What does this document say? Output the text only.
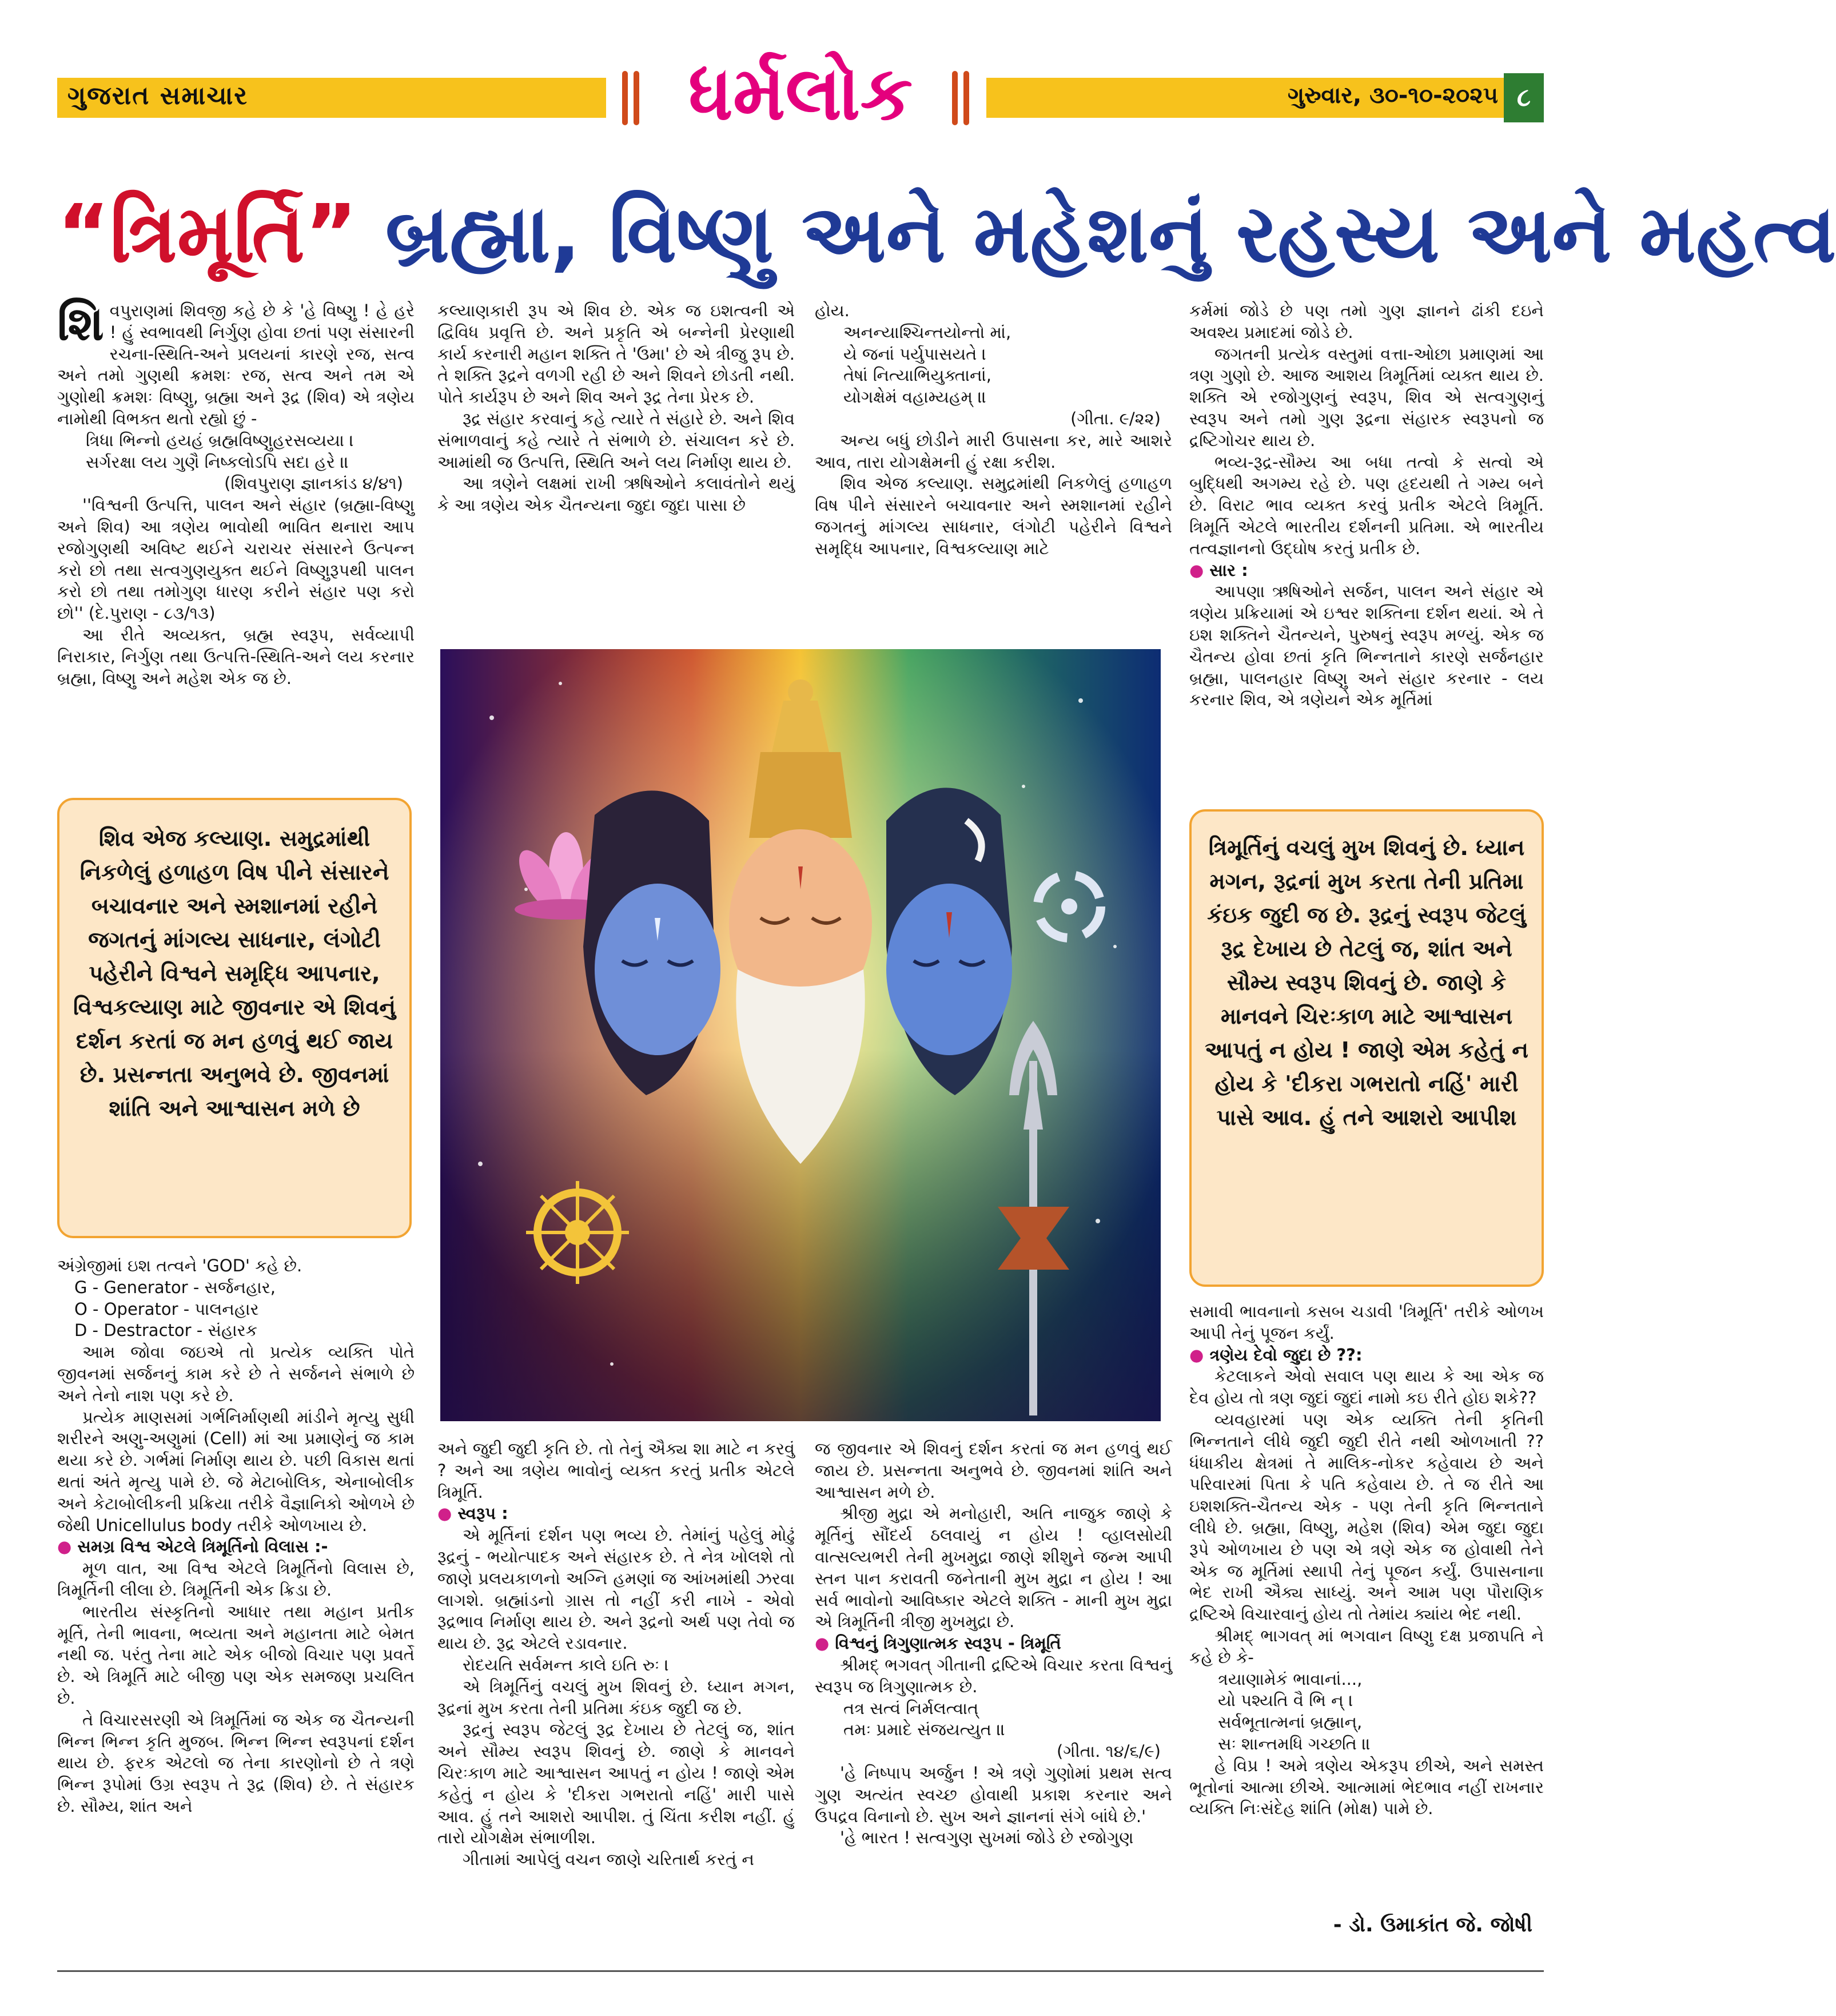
ગુજરાત સમાચાર	ધર્મલોક	ગુરુવાર, ૩૦-૧૦-૨૦૨૫ ૮
“ત્રિમૂર્તિ” બ્રહ્મા, વિષ્ણુ અને મહેશનું રહસ્ય અને મહત્વ

શિવપુરાણમાં શિવજી કહે છે કે 'હે વિષ્ણુ ! હે હરે ! હું સ્વભાવથી નિર્ગુણ હોવા છતાં પણ સંસારની રચના-સ્થિતિ-અને પ્રલયનાં કારણે રજ, સત્વ અને તમો ગુણથી ક્રમશઃ રજ, સત્વ અને તમ એ ગુણોથી ક્રમશઃ વિષ્ણુ, બ્રહ્મા અને રૂદ્ર (શિવ) એ ત્રણેય નામોથી વિભક્ત થતો રહ્યો છું -

ત્રિધા ભિન્નો હયહં બ્રહ્મવિષ્ણુહરસવ્યયા ।

સર્ગરક્ષા લય ગુણૈ નિષ્કલોઽપિ સદા હરે ॥

(શિવપુરાણ જ્ઞાનકાંડ ૪/૪૧)

''વિશ્વની ઉત્પત્તિ, પાલન અને સંહાર (બ્રહ્મા-વિષ્ણુ અને શિવ) આ ત્રણેય ભાવોથી ભાવિત થનારા આપ રજોગુણથી અવિષ્ટ થઈને ચરાચર સંસારને ઉત્પન્ન કરો છો તથા સત્વગુણયુક્ત થઈને વિષ્ણુરૂપથી પાલન કરો છો તથા તમોગુણ ધારણ કરીને સંહાર પણ કરો છો'' (દે.પુરાણ - ૮૩/૧૩)

આ રીતે અવ્યક્ત, બ્રહ્મ સ્વરૂપ, સર્વવ્યાપી નિરાકાર, નિર્ગુણ તથા ઉત્પત્તિ-સ્થિતિ-અને લય કરનાર બ્રહ્મા, વિષ્ણુ અને મહેશ એક જ છે.

શિવ એજ કલ્યાણ. સમુદ્રમાંથી નિકળેલું હળાહળ વિષ પીને સંસારને બચાવનાર અને સ્મશાનમાં રહીને જગતનું માંગલ્ય સાધનાર, લંગોટી પહેરીને વિશ્વને સમૃદ્ધિ આપનાર, વિશ્વકલ્યાણ માટે જીવનાર એ શિવનું દર્શન કરતાં જ મન હળવું થઈ જાય છે. પ્રસન્નતા અનુભવે છે. જીવનમાં શાંતિ અને આશ્વાસન મળે છે

અંગ્રેજીમાં ઇશ તત્વને 'GOD' કહે છે.

G - Generator - સર્જનહાર,

O - Operator - પાલનહાર

D - Destractor - સંહારક

આમ જોવા જઇએ તો પ્રત્યેક વ્યક્તિ પોતે જીવનમાં સર્જનનું કામ કરે છે તે સર્જનને સંભાળે છે અને તેનો નાશ પણ કરે છે.

પ્રત્યેક માણસમાં ગર્ભનિર્માણથી માંડીને મૃત્યુ સુધી શરીરને અણુ-અણુમાં (Cell) માં આ પ્રમાણેનું જ કામ થયા કરે છે. ગર્ભમાં નિર્માણ થાય છે. પછી વિકાસ થતાં થતાં અંતે મૃત્યુ પામે છે. જે મેટાબોલિક, એનાબોલીક અને કેટાબોલીકની પ્રક્રિયા તરીકે વૈજ્ઞાનિકો ઓળખે છે જેથી Unicellulus body તરીકે ઓળખાય છે.

● સમગ્ર વિશ્વ એટલે ત્રિમૂર્તિનો વિલાસ :-

મૂળ વાત, આ વિશ્વ એટલે ત્રિમૂર્તિનો વિલાસ છે, ત્રિમૂર્તિની લીલા છે. ત્રિમૂર્તિની એક ક્રિડા છે.

ભારતીય સંસ્કૃતિનો આધાર તથા મહાન પ્રતીક મૂર્તિ, તેની ભાવના, ભવ્યતા અને મહાનતા માટે બેમત નથી જ. પરંતુ તેના માટે એક બીજો વિચાર પણ પ્રવર્તે છે. એ ત્રિમૂર્તિ માટે બીજી પણ એક સમજણ પ્રચલિત છે.

તે વિચારસરણી એ ત્રિમૂર્તિમાં જ એક જ ચૈતન્યની ભિન્ન ભિન્ન કૃતિ મુજબ. ભિન્ન ભિન્ન સ્વરૂપનાં દર્શન થાય છે. ફરક એટલો જ તેના કારણોનો છે તે ત્રણે ભિન્ન રૂપોમાં ઉગ્ર સ્વરૂપ તે રૂદ્ર (શિવ) છે. તે સંહારક છે. સૌમ્ય, શાંત અને

કલ્યાણકારી રૂપ એ શિવ છે. એક જ ઇશત્વની એ દ્વિવિધ પ્રવૃત્તિ છે. અને પ્રકૃતિ એ બન્નેની પ્રેરણાથી કાર્ય કરનારી મહાન શક્તિ તે 'ઉમા' છે એ ત્રીજુ રૂપ છે. તે શક્તિ રૂદ્રને વળગી રહી છે અને શિવને છોડતી નથી. પોતે કાર્યરૂપ છે અને શિવ અને રૂદ્ર તેના પ્રેરક છે.

રૂદ્ર સંહાર કરવાનું કહે ત્યારે તે સંહારે છે. અને શિવ સંભાળવાનું કહે ત્યારે તે સંભાળે છે. સંચાલન કરે છે. આમાંથી જ ઉત્પત્તિ, સ્થિતિ અને લય નિર્માણ થાય છે.

આ ત્રણેને લક્ષમાં રાખી ઋષિઓને કલાવંતોને થયું કે આ ત્રણેય એક ચૈતન્યના જુદા જુદા પાસા છે

હોય.

અનન્યાશ્ચિન્તયોન્તો માં,

યે જનાં પર્યુપાસયતે ।

તેષાં નિત્યાભિયુક્તાનાં,

યોગક્ષેમં વહામ્યહમ્ ॥

(ગીતા. ૯/૨૨)

અન્ય બધું છોડીને મારી ઉપાસના કર, મારે આશરે આવ, તારા યોગક્ષેમની હું રક્ષા કરીશ.

શિવ એજ કલ્યાણ. સમુદ્રમાંથી નિકળેલું હળાહળ વિષ પીને સંસારને બચાવનાર અને સ્મશાનમાં રહીને જગતનું માંગલ્ય સાધનાર, લંગોટી પહેરીને વિશ્વને સમૃદ્ધિ આપનાર, વિશ્વકલ્યાણ માટે

કર્મમાં જોડે છે પણ તમો ગુણ જ્ઞાનને ઢાંકી દઇને અવશ્ય પ્રમાદમાં જોડે છે.

જગતની પ્રત્યેક વસ્તુમાં વત્તા-ઓછા પ્રમાણમાં આ ત્રણ ગુણો છે. આજ આશય ત્રિમૂર્તિમાં વ્યક્ત થાય છે. શક્તિ એ રજોગુણનું સ્વરૂપ, શિવ એ સત્વગુણનું સ્વરૂપ અને તમો ગુણ રૂદ્રના સંહારક સ્વરૂપનો જ દ્રષ્ટિગોચર થાય છે.

ભવ્ય-રૂદ્ર-સૌમ્ય આ બધા તત્વો કે સત્વો એ બુદ્ધિથી અગમ્ય રહે છે. પણ હૃદયથી તે ગમ્ય બને છે. વિરાટ ભાવ વ્યક્ત કરવું પ્રતીક એટલે ત્રિમૂર્તિ. ત્રિમૂર્તિ એટલે ભારતીય દર્શનની પ્રતિમા. એ ભારતીય તત્વજ્ઞાનનો ઉદ્ઘોષ કરતું પ્રતીક છે.

● સાર :

આપણા ઋષિઓને સર્જન, પાલન અને સંહાર એ ત્રણેય પ્રક્રિયામાં એ ઇશ્વર શક્તિના દર્શન થયાં. એ તે ઇશ શક્તિને ચૈતન્યને, પુરુષનું સ્વરૂપ મળ્યું. એક જ ચૈતન્ય હોવા છતાં કૃતિ ભિન્નતાને કારણે સર્જનહાર બ્રહ્મા, પાલનહાર વિષ્ણુ અને સંહાર કરનાર - લય કરનાર શિવ, એ ત્રણેયને એક મૂર્તિમાં

ત્રિમૂર્તિનું વચલું મુખ શિવનું છે. ધ્યાન મગન, રૂદ્રનાં મુખ કરતા તેની પ્રતિમા કંઇક જુદી જ છે. રૂદ્રનું સ્વરૂપ જેટલું રૂદ્ર દેખાય છે તેટલું જ, શાંત અને સૌમ્ય સ્વરૂપ શિવનું છે. જાણે કે માનવને ચિરઃકાળ માટે આશ્વાસન આપતું ન હોય ! જાણે એમ કહેતું ન હોય કે 'દીકરા ગભરાતો નહિં' મારી પાસે આવ. હું તને આશરો આપીશ

અને જુદી જુદી કૃતિ છે. તો તેનું ઐક્ય શા માટે ન કરવું ? અને આ ત્રણેય ભાવોનું વ્યક્ત કરતું પ્રતીક એટલે ત્રિમૂર્તિ.

● સ્વરૂપ :

એ મૂર્તિનાં દર્શન પણ ભવ્ય છે. તેમાંનું પહેલું મોઢું રૂદ્રનું - ભયોત્પાદક અને સંહારક છે. તે નેત્ર ખોલશે તો જાણે પ્રલયકાળનો અગ્નિ હમણાં જ આંખમાંથી ઝરવા લાગશે. બ્રહ્માંડનો ગ્રાસ તો નહીં કરી નાખે - એવો રૂદ્રભાવ નિર્માણ થાય છે. અને રૂદ્રનો અર્થ પણ તેવો જ થાય છે. રૂદ્ર એટલે રડાવનાર.

રોદયતિ સર્વમન્ત કાલે ઇતિ રુઃ ।

એ ત્રિમૂર્તિનું વચલું મુખ શિવનું છે. ધ્યાન મગન, રૂદ્રનાં મુખ કરતા તેની પ્રતિમા કંઇક જુદી જ છે.

રૂદ્રનું સ્વરૂપ જેટલું રૂદ્ર દેખાય છે તેટલું જ, શાંત અને સૌમ્ય સ્વરૂપ શિવનું છે. જાણે કે માનવને ચિરઃકાળ માટે આશ્વાસન આપતું ન હોય ! જાણે એમ કહેતું ન હોય કે 'દીકરા ગભરાતો નહિં' મારી પાસે આવ. હું તને આશરો આપીશ. તું ચિંતા કરીશ નહીં. હું તારો યોગક્ષેમ સંભાળીશ.

ગીતામાં આપેલું વચન જાણે ચરિતાર્થ કરતું ન

જ જીવનાર એ શિવનું દર્શન કરતાં જ મન હળવું થઈ જાય છે. પ્રસન્નતા અનુભવે છે. જીવનમાં શાંતિ અને આશ્વાસન મળે છે.

શ્રીજી મુદ્રા એ મનોહારી, અતિ નાજુક જાણે કે મૂર્તિનું સૌંદર્ય ઠલવાયું ન હોય ! વ્હાલસોયી વાત્સલ્યભરી તેની મુખમુદ્રા જાણે શીશુને જન્મ આપી સ્તન પાન કરાવતી જનેતાની મુખ મુદ્રા ન હોય ! આ સર્વ ભાવોનો આવિષ્કાર એટલે શક્તિ - માની મુખ મુદ્રા એ ત્રિમૂર્તિની ત્રીજી મુખમુદ્રા છે.

● વિશ્વનું ત્રિગુણાત્મક સ્વરૂપ - ત્રિમૂર્તિ

શ્રીમદ્ ભગવત્ ગીતાની દ્રષ્ટિએ વિચાર કરતા વિશ્વનું સ્વરૂપ જ ત્રિગુણાત્મક છે.

તત્ર સત્વં નિર્મલત્વાત્

તમઃ પ્રમાદે સંજયત્યુત ॥

(ગીતા. ૧૪/૬/૯)

'હે નિષ્પાપ અર્જુન ! એ ત્રણે ગુણોમાં પ્રથમ સત્વ ગુણ અત્યંત સ્વચ્છ હોવાથી પ્રકાશ કરનાર અને ઉપદ્રવ વિનાનો છે. સુખ અને જ્ઞાનનાં સંગે બાંધે છે.'

'હે ભારત ! સત્વગુણ સુખમાં જોડે છે રજોગુણ

સમાવી ભાવનાનો કસબ ચડાવી 'ત્રિમૂર્તિ' તરીકે ઓળખ આપી તેનું પૂજન કર્યું.

● ત્રણેય દેવો જુદા છે ??:

કેટલાકને એવો સવાલ પણ થાય કે આ એક જ દેવ હોય તો ત્રણ જુદાં જુદાં નામો કઇ રીતે હોઇ શકે??

વ્યવહારમાં પણ એક વ્યક્તિ તેની કૃતિની ભિન્નતાને લીધે જુદી જુદી રીતે નથી ઓળખાતી ?? ધંધાકીય ક્ષેત્રમાં તે માલિક-નોકર કહેવાય છે અને પરિવારમાં પિતા કે પતિ કહેવાય છે. તે જ રીતે આ ઇશશક્તિ-ચૈતન્ય એક - પણ તેની કૃતિ ભિન્નતાને લીધે છે. બ્રહ્મા, વિષ્ણુ, મહેશ (શિવ) એમ જુદા જુદા રૂપે ઓળખાય છે પણ એ ત્રણે એક જ હોવાથી તેને એક જ મૂર્તિમાં સ્થાપી તેનું પૂજન કર્યું. ઉપાસનાના ભેદ રાખી ઐક્ય સાધ્યું. અને આમ પણ પૌરાણિક દ્રષ્ટિએ વિચારવાનું હોય તો તેમાંય ક્યાંય ભેદ નથી.

શ્રીમદ્ ભાગવત્ માં ભગવાન વિષ્ણુ દક્ષ પ્રજાપતિ ને કહે છે કે-

ત્રયાણામેકં ભાવાનાં...,

યો પશ્યતિ વૈ ભિ ન્ ।

સર્વભૂતાત્મનાં બ્રહ્માન્,

સઃ શાન્તમધિ ગચ્છતિ ॥

હે વિપ્ર ! અમે ત્રણેય એકરૂપ છીએ, અને સમસ્ત ભૂતોનાં આત્મા છીએ. આત્મામાં ભેદભાવ નહીં રાખનાર વ્યક્તિ નિઃસંદેહ શાંતિ (મોક્ષ) પામે છે.

- ડો. ઉમાકાંત જે. જોષી
